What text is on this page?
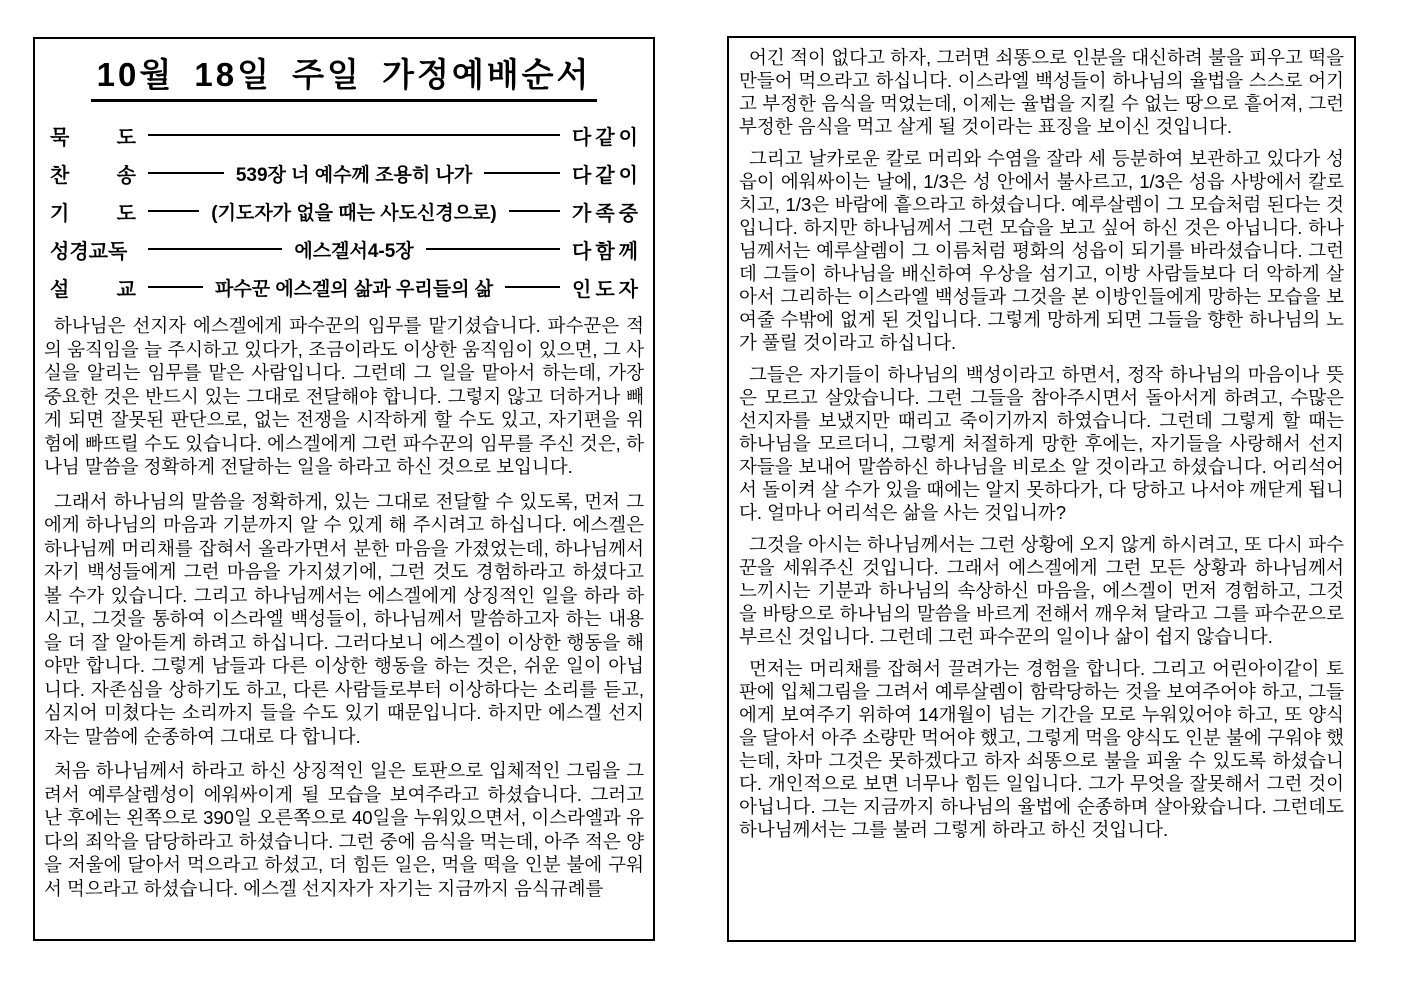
10월 18일 주일 가정예배순서
묵 도	다같이
찬 송	539장 너 예수께 조용히 나가	다같이
기 도	(기도자가 없을 때는 사도신경으로)	가족중
성경교독	에스겔서4-5장	다함께
설 교	파수꾼 에스겔의 삶과 우리들의 삶	인도자

하나님은 선지자 에스겔에게 파수꾼의 임무를 맡기셨습니다. 파수꾼은 적의 움직임을 늘 주시하고 있다가, 조금이라도 이상한 움직임이 있으면, 그 사실을 알리는 임무를 맡은 사람입니다. 그런데 그 일을 맡아서 하는데, 가장 중요한 것은 반드시 있는 그대로 전달해야 합니다. 그렇지 않고 더하거나 빼게 되면 잘못된 판단으로, 없는 전쟁을 시작하게 할 수도 있고, 자기편을 위험에 빠뜨릴 수도 있습니다. 에스겔에게 그런 파수꾼의 임무를 주신 것은, 하나님 말씀을 정확하게 전달하는 일을 하라고 하신 것으로 보입니다.

그래서 하나님의 말씀을 정확하게, 있는 그대로 전달할 수 있도록, 먼저 그에게 하나님의 마음과 기분까지 알 수 있게 해 주시려고 하십니다. 에스겔은 하나님께 머리채를 잡혀서 올라가면서 분한 마음을 가졌었는데, 하나님께서 자기 백성들에게 그런 마음을 가지셨기에, 그런 것도 경험하라고 하셨다고 볼 수가 있습니다. 그리고 하나님께서는 에스겔에게 상징적인 일을 하라 하시고, 그것을 통하여 이스라엘 백성들이, 하나님께서 말씀하고자 하는 내용을 더 잘 알아듣게 하려고 하십니다. 그러다보니 에스겔이 이상한 행동을 해야만 합니다. 그렇게 남들과 다른 이상한 행동을 하는 것은, 쉬운 일이 아닙니다. 자존심을 상하기도 하고, 다른 사람들로부터 이상하다는 소리를 듣고, 심지어 미쳤다는 소리까지 들을 수도 있기 때문입니다. 하지만 에스겔 선지자는 말씀에 순종하여 그대로 다 합니다.

처음 하나님께서 하라고 하신 상징적인 일은 토판으로 입체적인 그림을 그려서 예루살렘성이 에워싸이게 될 모습을 보여주라고 하셨습니다. 그러고 난 후에는 왼쪽으로 390일 오른쪽으로 40일을 누워있으면서, 이스라엘과 유다의 죄악을 담당하라고 하셨습니다. 그런 중에 음식을 먹는데, 아주 적은 양을 저울에 달아서 먹으라고 하셨고, 더 힘든 일은, 먹을 떡을 인분 불에 구워서 먹으라고 하셨습니다. 에스겔 선지자가 자기는 지금까지 음식규례를

어긴 적이 없다고 하자, 그러면 쇠똥으로 인분을 대신하려 불을 피우고 떡을 만들어 먹으라고 하십니다. 이스라엘 백성들이 하나님의 율법을 스스로 어기고 부정한 음식을 먹었는데, 이제는 율법을 지킬 수 없는 땅으로 흩어져, 그런 부정한 음식을 먹고 살게 될 것이라는 표징을 보이신 것입니다.

그리고 날카로운 칼로 머리와 수염을 잘라 세 등분하여 보관하고 있다가 성읍이 에워싸이는 날에, 1/3은 성 안에서 불사르고, 1/3은 성읍 사방에서 칼로 치고, 1/3은 바람에 흩으라고 하셨습니다. 예루살렘이 그 모습처럼 된다는 것입니다. 하지만 하나님께서 그런 모습을 보고 싶어 하신 것은 아닙니다. 하나님께서는 예루살렘이 그 이름처럼 평화의 성읍이 되기를 바라셨습니다. 그런데 그들이 하나님을 배신하여 우상을 섬기고, 이방 사람들보다 더 악하게 살아서 그리하는 이스라엘 백성들과 그것을 본 이방인들에게 망하는 모습을 보여줄 수밖에 없게 된 것입니다. 그렇게 망하게 되면 그들을 향한 하나님의 노가 풀릴 것이라고 하십니다.

그들은 자기들이 하나님의 백성이라고 하면서, 정작 하나님의 마음이나 뜻은 모르고 살았습니다. 그런 그들을 참아주시면서 돌아서게 하려고, 수많은 선지자를 보냈지만 때리고 죽이기까지 하였습니다. 그런데 그렇게 할 때는 하나님을 모르더니, 그렇게 처절하게 망한 후에는, 자기들을 사랑해서 선지자들을 보내어 말씀하신 하나님을 비로소 알 것이라고 하셨습니다. 어리석어서 돌이켜 살 수가 있을 때에는 알지 못하다가, 다 당하고 나서야 깨닫게 됩니다. 얼마나 어리석은 삶을 사는 것입니까?

그것을 아시는 하나님께서는 그런 상황에 오지 않게 하시려고, 또 다시 파수꾼을 세워주신 것입니다. 그래서 에스겔에게 그런 모든 상황과 하나님께서 느끼시는 기분과 하나님의 속상하신 마음을, 에스겔이 먼저 경험하고, 그것을 바탕으로 하나님의 말씀을 바르게 전해서 깨우쳐 달라고 그를 파수꾼으로 부르신 것입니다. 그런데 그런 파수꾼의 일이나 삶이 쉽지 않습니다.

먼저는 머리채를 잡혀서 끌려가는 경험을 합니다. 그리고 어린아이같이 토판에 입체그림을 그려서 예루살렘이 함락당하는 것을 보여주어야 하고, 그들에게 보여주기 위하여 14개월이 넘는 기간을 모로 누워있어야 하고, 또 양식을 달아서 아주 소량만 먹어야 했고, 그렇게 먹을 양식도 인분 불에 구워야 했는데, 차마 그것은 못하겠다고 하자 쇠똥으로 불을 피울 수 있도록 하셨습니다. 개인적으로 보면 너무나 힘든 일입니다. 그가 무엇을 잘못해서 그런 것이 아닙니다. 그는 지금까지 하나님의 율법에 순종하며 살아왔습니다. 그런데도 하나님께서는 그를 불러 그렇게 하라고 하신 것입니다.
